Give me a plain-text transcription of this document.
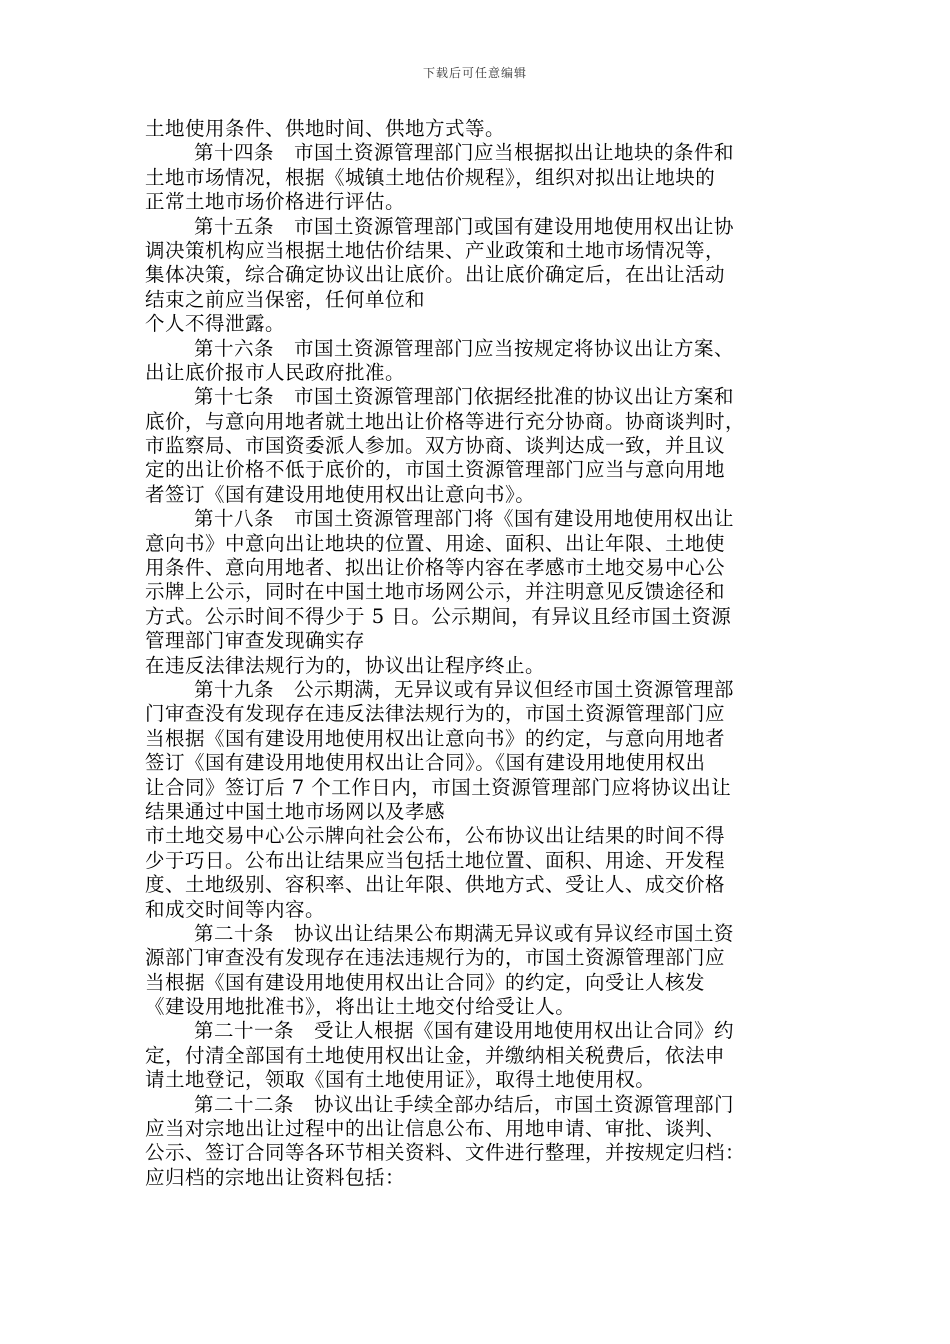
下载后可任意编辑
土地使用条件、供地时间、供地方式等。
第十四条　市国土资源管理部门应当根据拟出让地块的条件和
土地市场情况，根据《城镇土地估价规程》，组织对拟出让地块的
正常土地市场价格进行评估。
第十五条　市国土资源管理部门或国有建设用地使用权出让协
调决策机构应当根据土地估价结果、产业政策和土地市场情况等，
集体决策，综合确定协议出让底价。出让底价确定后，在出让活动
结束之前应当保密，任何单位和
个人不得泄露。
第十六条　市国土资源管理部门应当按规定将协议出让方案、
出让底价报市人民政府批准。
第十七条　市国土资源管理部门依据经批准的协议出让方案和
底价，与意向用地者就土地出让价格等进行充分协商。协商谈判时，
市监察局、市国资委派人参加。双方协商、谈判达成一致，并且议
定的出让价格不低于底价的，市国土资源管理部门应当与意向用地
者签订《国有建设用地使用权出让意向书》。
第十八条　市国土资源管理部门将《国有建设用地使用权出让
意向书》中意向出让地块的位置、用途、面积、出让年限、土地使
用条件、意向用地者、拟出让价格等内容在孝感市土地交易中心公
示牌上公示，同时在中国土地市场网公示，并注明意见反馈途径和
方式。公示时间不得少于 5 日。公示期间，有异议且经市国土资源
管理部门审查发现确实存
在违反法律法规行为的，协议出让程序终止。
第十九条　公示期满，无异议或有异议但经市国土资源管理部
门审查没有发现存在违反法律法规行为的，市国土资源管理部门应
当根据《国有建设用地使用权出让意向书》的约定，与意向用地者
签订《国有建设用地使用权出让合同》。《国有建设用地使用权出
让合同》签订后 7 个工作日内，市国土资源管理部门应将协议出让
结果通过中国土地市场网以及孝感
市土地交易中心公示牌向社会公布，公布协议出让结果的时间不得
少于巧日。公布出让结果应当包括土地位置、面积、用途、开发程
度、土地级别、容积率、出让年限、供地方式、受让人、成交价格
和成交时间等内容。
第二十条　协议出让结果公布期满无异议或有异议经市国土资
源部门审查没有发现存在违法违规行为的，市国土资源管理部门应
当根据《国有建设用地使用权出让合同》的约定，向受让人核发
《建设用地批准书》，将出让土地交付给受让人。
第二十一条　受让人根据《国有建设用地使用权出让合同》约
定，付清全部国有土地使用权出让金，并缴纳相关税费后，依法申
请土地登记，领取《国有土地使用证》，取得土地使用权。
第二十二条　协议出让手续全部办结后，市国土资源管理部门
应当对宗地出让过程中的出让信息公布、用地申请、审批、谈判、
公示、签订合同等各环节相关资料、文件进行整理，并按规定归档：
应归档的宗地出让资料包括：
